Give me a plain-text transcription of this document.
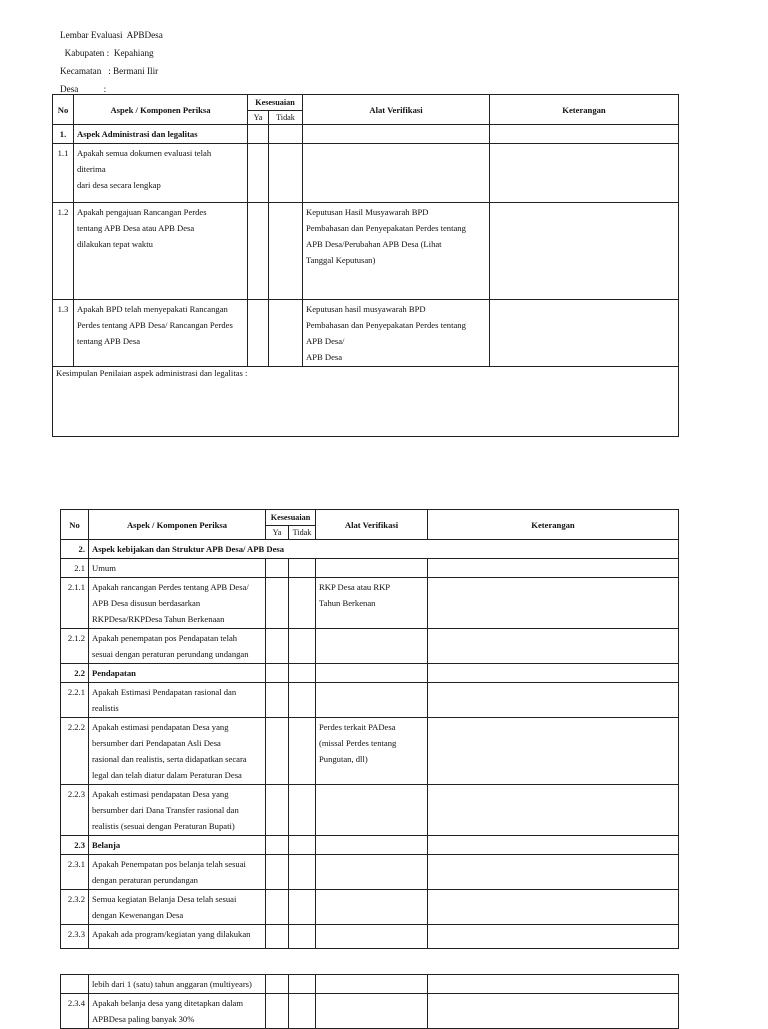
Lembar Evaluasi  APBDesa
Kabupaten :  Kepahiang
Kecamatan   : Bermani Ilir
Desa           :
No	Aspek / Komponen Periksa	Kesesuaian		Alat Verifikasi	Keterangan
		Ya	Tidak		
1.	Aspek Administrasi dan legalitas				
1.1	Apakah semua dokumen evaluasi telah
diterima
dari desa secara lengkap				
1.2	Apakah pengajuan Rancangan Perdes
tentang APB Desa atau APB Desa
dilakukan tepat waktu			Keputusan Hasil Musyawarah BPD
Pembahasan dan Penyepakatan Perdes tentang
APB Desa/Perubahan APB Desa (Lihat
Tanggal Keputusan)	
1.3	Apakah BPD telah menyepakati Rancangan
Perdes tentang APB Desa/ Rancangan Perdes
tentang APB Desa			Keputusan hasil musyawarah BPD
Pembahasan dan Penyepakatan Perdes tentang
APB Desa/
APB Desa	
Kesimpulan Penilaian aspek administrasi dan legalitas :					
No	Aspek / Komponen Periksa	Kesesuaian		Alat Verifikasi	Keterangan
		Ya	Tidak		
2.	Aspek kebijakan dan Struktur APB Desa/ APB Desa				
2.1	Umum				
2.1.1	Apakah rancangan Perdes tentang APB Desa/
APB Desa disusun berdasarkan
RKPDesa/RKPDesa Tahun Berkenaan			RKP Desa atau RKP
Tahun Berkenan	
2.1.2	Apakah penempatan pos Pendapatan telah
sesuai dengan peraturan perundang undangan				
2.2	Pendapatan				
2.2.1	Apakah Estimasi Pendapatan rasional dan
realistis				
2.2.2	Apakah estimasi pendapatan Desa yang
bersumber dari Pendapatan Asli Desa
rasional dan realistis, serta didapatkan secara
legal dan telah diatur dalam Peraturan Desa			Perdes terkait PADesa
(missal Perdes tentang
Pungutan, dll)	
2.2.3	Apakah estimasi pendapatan Desa yang
bersumber dari Dana Transfer rasional dan
realistis (sesuai dengan Peraturan Bupati)				
2.3	Belanja				
2.3.1	Apakah Penempatan pos belanja telah sesuai
dengan peraturan perundangan				
2.3.2	Semua kegiatan Belanja Desa telah sesuai
dengan Kewenangan Desa				
2.3.3	Apakah ada program/kegiatan yang dilakukan				
	lebih dari 1 (satu) tahun anggaran (multiyears)				
2.3.4	Apakah belanja desa yang ditetapkan dalam
APBDesa paling banyak 30%				
